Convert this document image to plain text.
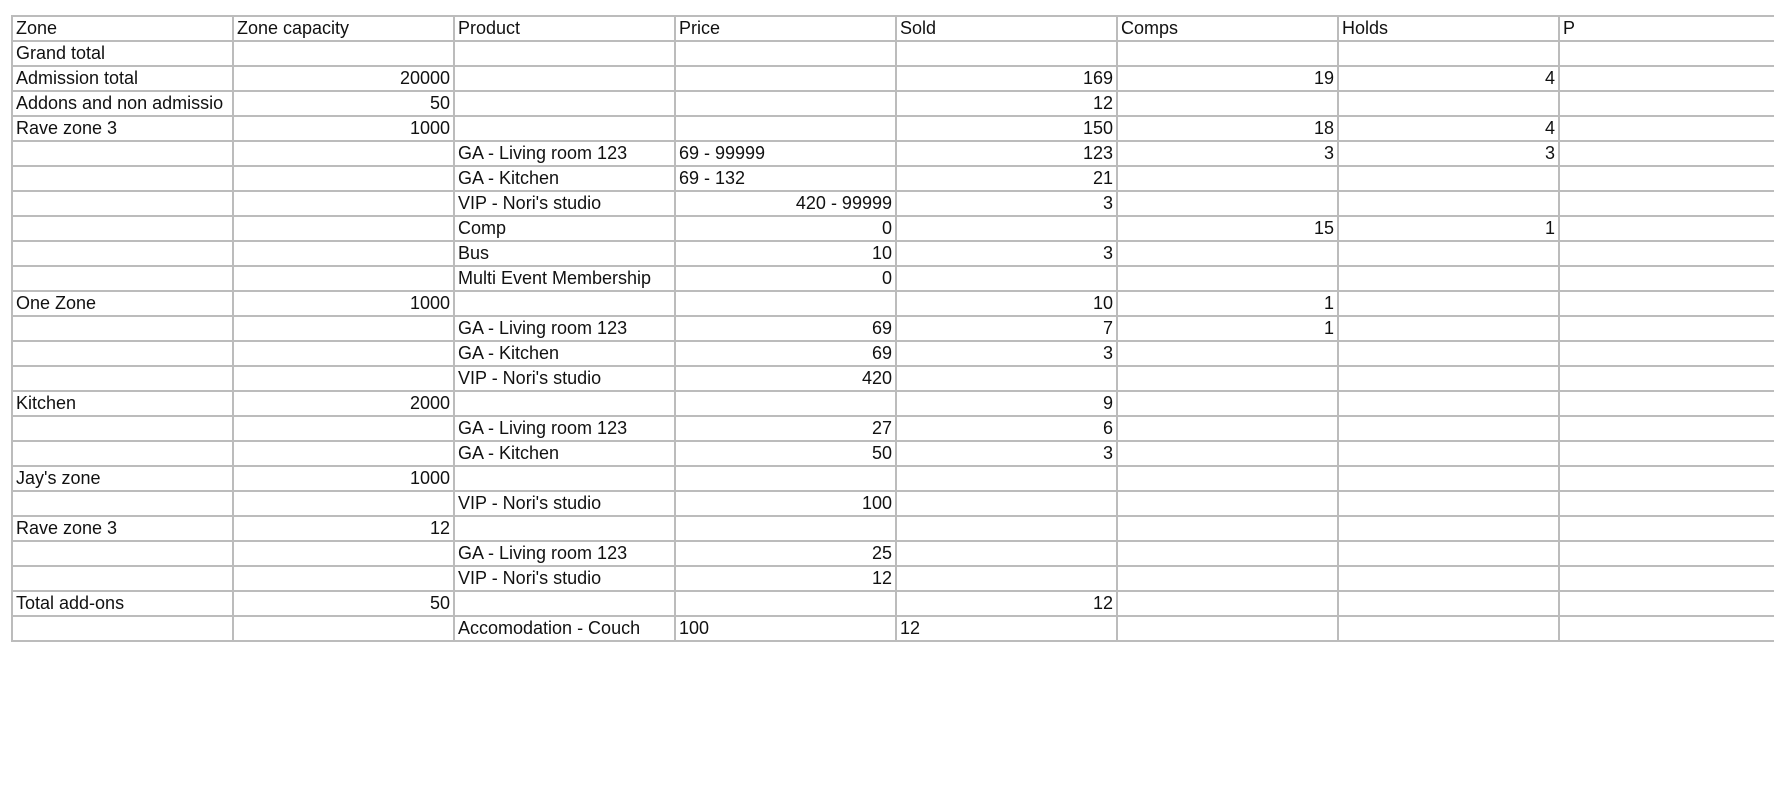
Zone	Zone capacity	Product	Price	Sold	Comps	Holds	P
Grand total							
Admission total	20000			169	19	4	
Addons and non admissio	50			12			
Rave zone 3	1000			150	18	4	
		GA - Living room 123	69 - 99999	123	3	3	
		GA - Kitchen	69 - 132	21			
		VIP - Nori's studio	420 - 99999	3			
		Comp	0		15	1	
		Bus	10	3			
		Multi Event Membership	0				
One Zone	1000			10	1		
		GA - Living room 123	69	7	1		
		GA - Kitchen	69	3			
		VIP - Nori's studio	420				
Kitchen	2000			9			
		GA - Living room 123	27	6			
		GA - Kitchen	50	3			
Jay's zone	1000						
		VIP - Nori's studio	100				
Rave zone 3	12						
		GA - Living room 123	25				
		VIP - Nori's studio	12				
Total add-ons	50			12			
		Accomodation - Couch	100	12			
